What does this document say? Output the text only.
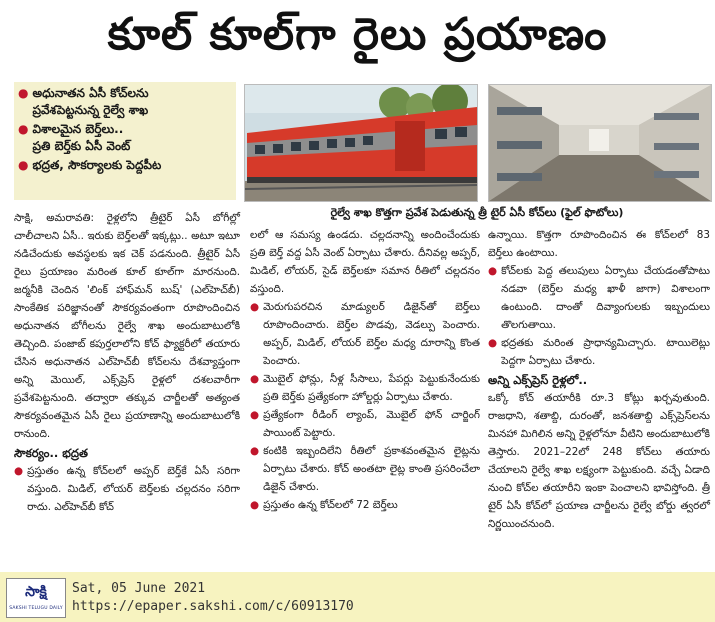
కూల్ కూల్‌గా రైలు ప్రయాణం
● అధునాతన ఏసీ కోచ్‌లను
ప్రవేశపెట్టనున్న రైల్వే శాఖ
● విశాలమైన బెర్త్‌లు..
ప్రతి బెర్త్‌కు ఏసీ వెంట్
● భద్రత, సౌకర్యాలకు పెద్దపీట
రైల్వే శాఖ కొత్తగా ప్రవేశ పెడుతున్న త్రీ టైర్ ఏసీ కోచ్‌లు (ఫైల్ ఫొటోలు)

సాక్షి, అమరావతి: రైళ్లలోని త్రీటైర్ ఏసీ బోగీల్లో చాలీచాలని ఏసీ.. ఇరుకు బెర్త్‌లతో ఇక్కట్లు.. అటూ ఇటూ నడిచేందుకు అవస్థలకు ఇక చెక్ పడనుంది. త్రీటైర్ ఏసీ రైలు ప్రయాణం మరింత కూల్ కూల్‌గా మారనుంది. జర్మనీకి చెందిన 'లింక్ హాఫ్‌మన్ బుష్' (ఎల్‌హెచ్‌బీ) సాంకేతిక పరిజ్ఞానంతో సౌకర్యవంతంగా రూపొందించిన అధునాతన బోగీలను రైల్వే శాఖ అందుబాటులోకి తెచ్చింది. పంజాబ్ కపుర్తలాలోని కోచ్ ఫ్యాక్టరీలో తయారు చేసిన అధునాతన ఎల్‌హెచ్‌బీ కోచ్‌లను దేశవ్యాప్తంగా అన్ని మెయిల్, ఎక్స్‌ప్రెస్ రైళ్లలో దశలవారీగా ప్రవేశపెట్టనుంది. తద్వారా తక్కువ చార్జీలతో అత్యంత సౌకర్యవంతమైన ఏసీ రైలు ప్రయాణాన్ని అందుబాటులోకి రానుంది.

సౌకర్యం.. భద్రత
● ప్రస్తుతం ఉన్న కోచ్‌లలో అప్పర్ బెర్త్‌కే ఏసీ సరిగా వస్తుంది. మిడిల్, లోయర్ బెర్త్‌లకు చల్లదనం సరిగా రాదు. ఎల్‌హెచ్‌బీ కోచ్

లలో ఆ సమస్య ఉండదు. చల్లదనాన్ని అందించేందుకు ప్రతి బెర్త్ వద్ద ఏసీ వెంట్ ఏర్పాటు చేశారు. దీనివల్ల అప్పర్, మిడిల్, లోయర్, సైడ్ బెర్త్‌లకూ సమాన రీతిలో చల్లదనం వస్తుంది.

● మెరుగుపరచిన మాడ్యులర్ డిజైన్‌తో బెర్త్‌లు రూపొందించారు. బెర్త్‌ల పొడవు, వెడల్పు పెంచారు. అప్పర్, మిడిల్, లోయర్ బెర్త్‌ల మధ్య దూరాన్ని కొంత పెంచారు.
● మొబైల్ ఫోన్లు, నీళ్ల సీసాలు, పేపర్లు పెట్టుకునేందుకు ప్రతి బెర్త్‌కు ప్రత్యేకంగా హోల్డర్లు ఏర్పాటు చేశారు.
● ప్రత్యేకంగా రీడింగ్ ల్యాంప్, మొబైల్ ఫోన్ చార్జింగ్ పాయింట్ పెట్టారు.
● కంటికి ఇబ్బందిలేని రీతిలో ప్రకాశవంతమైన లైట్లను ఏర్పాటు చేశారు. కోచ్ అంతటా లైట్ల కాంతి ప్రసరించేలా డిజైన్ చేశారు.
● ప్రస్తుతం ఉన్న కోచ్‌లలో 72 బెర్త్‌లు

ఉన్నాయి. కొత్తగా రూపొందించిన ఈ కోచ్‌లలో 83 బెర్త్‌లు ఉంటాయి.

● కోచ్‌లకు పెద్ద తలుపులు ఏర్పాటు చేయడంతోపాటు నడవా (బెర్త్‌ల మధ్య ఖాళీ జాగా) విశాలంగా ఉంటుంది. దాంతో దివ్యాంగులకు ఇబ్బందులు తొలగుతాయి.
● భద్రతకు మరింత ప్రాధాన్యమిచ్చారు. టాయిలెట్లు పెద్దగా ఏర్పాటు చేశారు.
అన్ని ఎక్స్‌ప్రెస్ రైళ్లలో..

ఒక్కో కోచ్ తయారీకి రూ.3 కోట్లు ఖర్చవుతుంది. రాజధాని, శతాబ్ది, దురంతో, జనశతాబ్ది ఎక్స్‌ప్రెస్‌లను మినహా మిగిలిన అన్ని రైళ్లలోనూ వీటిని అందుబాటులోకి తెస్తారు. 2021–22లో 248 కోచ్‌లు తయారు చేయాలని రైల్వే శాఖ లక్ష్యంగా పెట్టుకుంది. వచ్చే ఏడాది నుంచి కోచ్‌ల తయారీని ఇంకా పెంచాలని భావిస్తోంది. త్రీ టైర్ ఏసీ కోచ్‌లో ప్రయాణ చార్జీలను రైల్వే బోర్డు త్వరలో నిర్ణయించనుంది.

సాక్షి
SAKSHI TELUGU DAILY
Sat, 05 June 2021
https://epaper.sakshi.com/c/60913170
